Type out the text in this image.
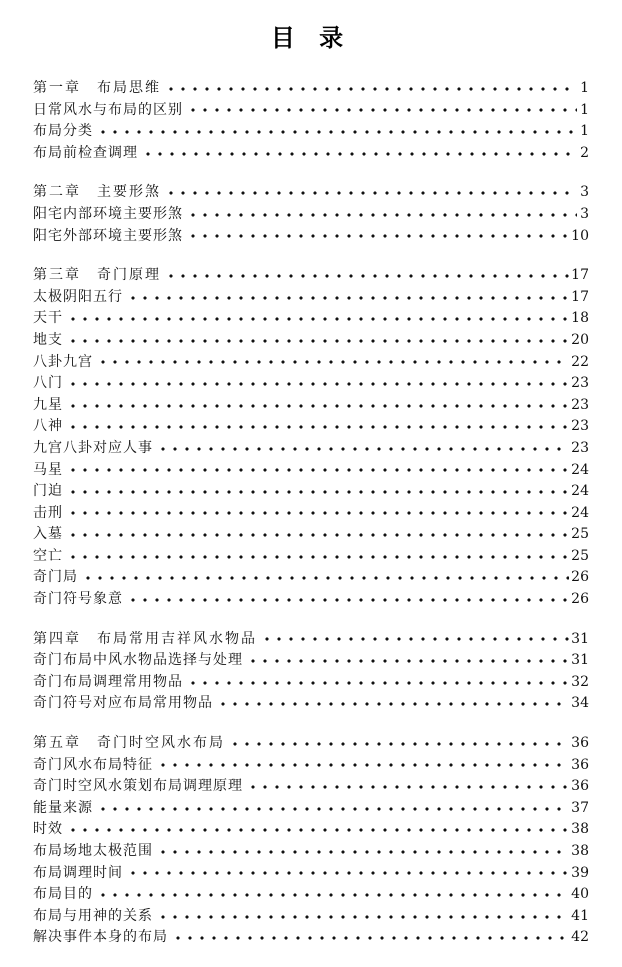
目 录
第一章　布局思维	1
日常风水与布局的区别	1
布局分类	1
布局前检查调理	2
第二章　主要形煞	3
阳宅内部环境主要形煞	3
阳宅外部环境主要形煞	10
第三章　奇门原理	17
太极阴阳五行	17
天干	18
地支	20
八卦九宫	22
八门	23
九星	23
八神	23
九宫八卦对应人事	23
马星	24
门迫	24
击刑	24
入墓	25
空亡	25
奇门局	26
奇门符号象意	26
第四章　布局常用吉祥风水物品	31
奇门布局中风水物品选择与处理	31
奇门布局调理常用物品	32
奇门符号对应布局常用物品	34
第五章　奇门时空风水布局	36
奇门风水布局特征	36
奇门时空风水策划布局调理原理	36
能量来源	37
时效	38
布局场地太极范围	38
布局调理时间	39
布局目的	40
布局与用神的关系	41
解决事件本身的布局	42
